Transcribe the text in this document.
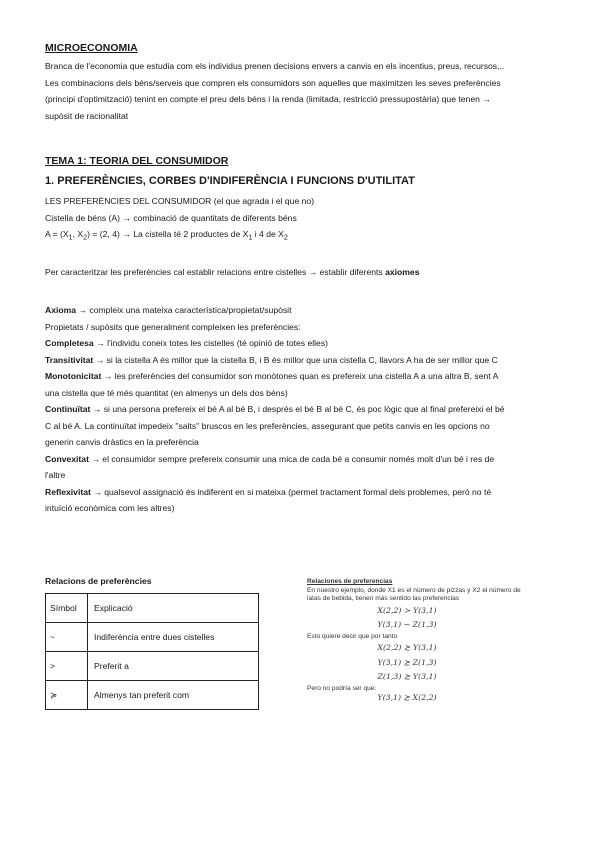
MICROECONOMIA

Branca de l'economia que estudia com els individus prenen decisions envers a canvis en els incentius, preus, recursos,..

Les combinacions dels béns/serveis que compren els consumidors son aquelles que maximitzen les seves preferències

(principi d'optimització) tenint en compte el preu dels béns i la renda (limitada, restricció pressupostària) que tenen →

supòsit de racionalitat

TEMA 1: TEORIA DEL CONSUMIDOR

1. PREFERÈNCIES, CORBES D'INDIFERÈNCIA I FUNCIONS D'UTILITAT

LES PREFERÈNCIES DEL CONSUMIDOR (el que agrada i el que no)

Cistella de béns (A) → combinació de quantitats de diferents béns

$A = (X_1$, $X_2) = (2$, 4) → La cistella té 2 productes de $X_1$ i 4 de $X_2$

Per caracteritzar les preferències cal establir relacions entre cistelles → establir diferents axiomes

Axioma → compleix una mateixa característica/propietat/supòsit

Propietats / supòsits que generalment compleixen les preferències:

Completesa → l'individu coneix totes les cistelles (té opinió de totes elles)

Transitivitat → si la cistella A és millor que la cistella B, i B és millor que una cistella C, llavors A ha de ser millor que C

Monotonicitat → les preferències del consumidor son monòtones quan es prefereix una cistella A a una altra B, sent A

una cistella que té més quantitat (en almenys un dels dos béns)

Continuïtat → si una persona prefereix el bé A al bé B, i després el bé B al bé C, és poc lògic que al final prefereixi el bé

C al bé A. La continuïtat impedeix "salts" bruscos en les preferències, assegurant que petits canvis en les opcions no

generin canvis dràstics en la preferència

Convexitat → el consumidor sempre prefereix consumir una mica de cada bé a consumir només molt d'un bé i res de

l'altre

Reflexivitat → qualsevol assignació és indiferent en si mateixa (permet tractament formal dels problemes, però no té

intuïció econòmica com les altres)

Relacions de preferències

Símbol	Explicació
~	Indiferència entre dues cistelles
>	Preferit a
≽	Almenys tan preferit com
Relaciones de preferencias
En nuestro ejemplo, donde X1 es el número de pizzas y X2 el número de
latas de bebida, tienen más sentido las preferencias
X(2,2) ≻ Y(3,1)
Y(3,1) ∼ Z(1,3)
Esto quiere decir que por tanto
X(2,2) ≿ Y(3,1)
Y(3,1) ≿ Z(1,3)
Z(1,3) ≿ Y(3,1)
Pero no podría ser que:
Y(3,1) ≿ X(2,2)
